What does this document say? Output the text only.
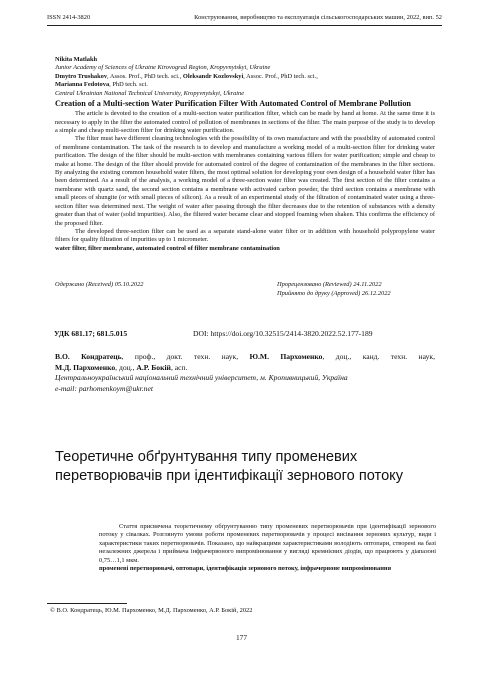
ISSN 2414-3820	Конструювання, виробництво та експлуатація сільськогосподарських машин, 2022, вип. 52

Nikita Matlakh

Junior Academy of Sciences of Ukraine Kirovograd Region, Kropyvnytskyi, Ukraine

Dmytro Trushakov, Assos. Prof., PhD tech. sci., Oleksandr Kozlovskyi, Assoc. Prof., PhD tech. sci.,

Marianna Fedotova, PhD tech. sci.

Central Ukrainian National Technical University, Kropyvnytskyi, Ukraine

Creation of a Multi-section Water Purification Filter With Automated Control of Membrane Pollution

The article is devoted to the creation of a multi-section water purification filter, which can be made by hand at home. At the same time it is necessary to apply in the filter the automated control of pollution of membranes in sections of the filter. The main purpose of the study is to develop a simple and cheap multi-section filter for drinking water purification.

The filter must have different cleaning technologies with the possibility of its own manufacture and with the possibility of automated control of membrane contamination. The task of the research is to develop and manufacture a working model of a multi-section filter for drinking water purification. The design of the filter should be multi-section with membranes containing various fillers for water purification; simple and cheap to make at home. The design of the filter should provide for automated control of the degree of contamination of the membranes in the filter sections. By analyzing the existing common household water filters, the most optimal solution for developing your own design of a household water filter has been determined. As a result of the analysis, a working model of a three-section water filter was created. The first section of the filter contains a membrane with quartz sand, the second section contains a membrane with activated carbon powder, the third section contains a membrane with small pieces of shungite (or with small pieces of silicon). As a result of an experimental study of the filtration of contaminated water using a three-section filter was determined next. The weight of water after passing through the filter decreases due to the retention of substances with a density greater than that of water (solid impurities). Also, the filtered water became clear and stopped foaming when shaken. This confirms the efficiency of the proposed filter.

The developed three-section filter can be used as a separate stand-alone water filter or in addition with household polypropylene water filters for quality filtration of impurities up to 1 micrometer.

water filter, filter membrane, automated control of filter membrane contamination

Одержано (Received) 05.10.2022	Прорецензовано (Reviewed) 24.11.2022
Прийнято до друку (Approved) 26.12.2022
УДК 681.17; 681.5.015	DOI: https://doi.org/10.32515/2414-3820.2022.52.177-189
В.О. Кондратець, проф., докт. техн. наук, Ю.М. Пархоменко, доц., канд. техн. наук,
М.Д. Пархоменко, доц., А.Р. Бокій, асп.
Центральноукраїнський національний технічний університет, м. Кропивницький, Україна
e-mail: parhomenkoym@ukr.net
Теоретичне обґрунтування типу променевих перетворювачів при ідентифікації зернового потоку

Стаття присвячена теоретичному обґрунтуванню типу променевих перетворювачів при ідентифікації зернового потоку у сівалках. Розглянуто умови роботи променевих перетворювачів у процесі висівання зернових культур, види і характеристики таких перетворювачів. Показано, що найкращими характеристиками володіють оптопари, створені на базі незалежних джерела і приймача інфрачервоного випромінювання у вигляді кремнієвих діодів, що працюють у діапазоні 0,75…1,1 мкм.

променеві перетворювачі, оптопари, ідентифікація зернового потоку, інфрачервоне випромінювання

© В.О. Кондратець, Ю.М. Пархоменко, М.Д. Пархоменко, А.Р. Бокій, 2022
177
